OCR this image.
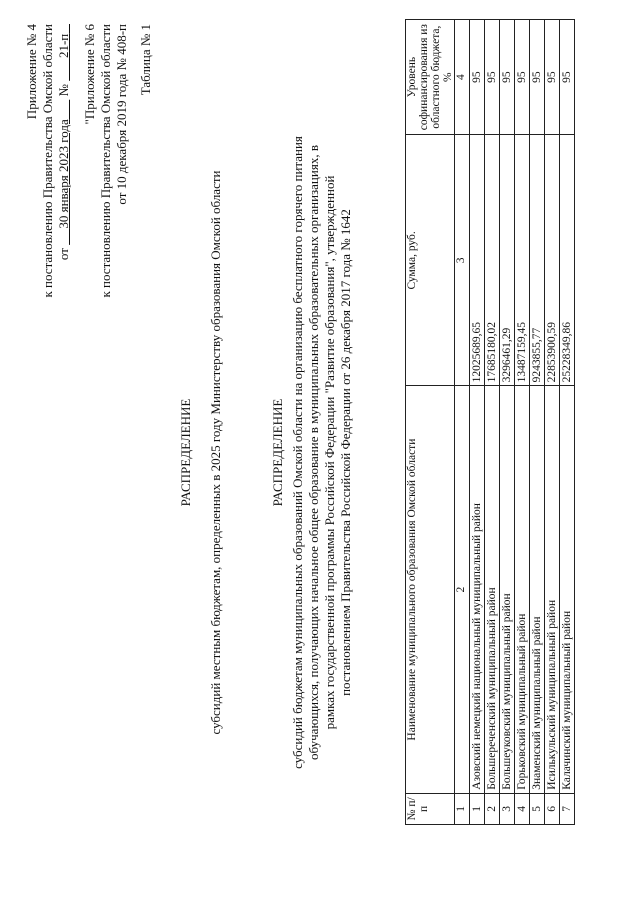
Приложение № 4 к постановлению Правительства Омской области от      30 января 2023 года       №        21-п "Приложение № 6 к постановлению Правительства Омской области от 10 декабря 2019 года № 408-п Таблица № 1
РАСПРЕДЕЛЕНИЕ субсидий местным бюджетам, определенных в 2025 году Министерству образования Омской области	РАСПРЕДЕЛЕНИЕ субсидий бюджетам муниципальных образований Омской области на организацию бесплатного горячего питания обучающихся, получающих начальное общее образование в муниципальных образовательных организациях, в рамках государственной программы Российской Федерации "Развитие образования", утвержденной постановлением Правительства Российской Федерации от 26 декабря 2017 года № 1642
№ п/п	Наименование муниципального образования Омской области	Сумма, руб.	Уровень софинансирования из областного бюджета, %
1	2	3	4
1	Азовский немецкий национальный муниципальный район	12025689,65	95
2	Большереченский муниципальный район	17685180,02	95
3	Большеуковский муниципальный район	3296461,29	95
4	Горьковский муниципальный район	13487159,45	95
5	Знаменский муниципальный район	9243855,77	95
6	Исилькульский муниципальный район	22853900,59	95
7	Калачинский муниципальный район	25228349,86	95
